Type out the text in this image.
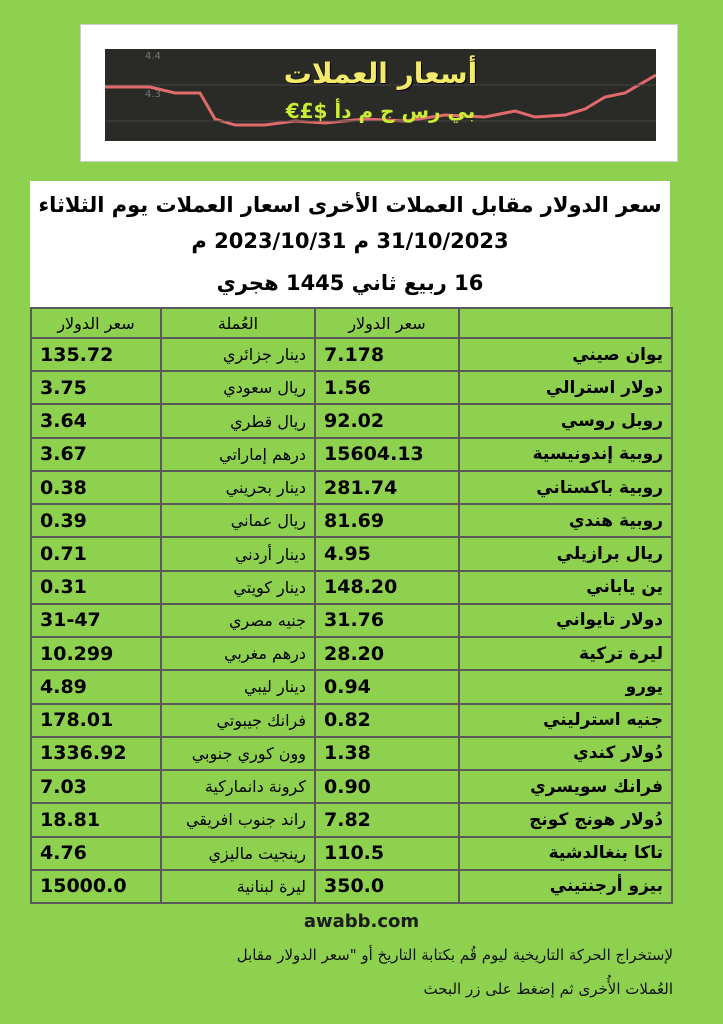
4.4
4.3
أسعار العملات
€£$ بي رس ج م دأ
سعر الدولار مقابل العملات الأخرى اسعار العملات يوم الثلاثاء
31/10/2023 م 2023/10/31 م
16 ربيع ثاني 1445 هجري
	سعر الدولار	العُملة	سعر الدولار
يوان صيني	7.178	دينار جزائري	135.72
دولار استرالي	1.56	ريال سعودي	3.75
روبل روسي	92.02	ريال قطري	3.64
روبية إندونيسية	15604.13	درهم إماراتي	3.67
روبية باكستاني	281.74	دينار بحريني	0.38
روبية هندي	81.69	ريال عماني	0.39
ريال برازيلي	4.95	دينار أردني	0.71
ين ياباني	148.20	دينار كويتي	0.31
دولار تايواني	31.76	جنيه مصري	31-47
ليرة تركية	28.20	درهم مغربي	10.299
يورو	0.94	دينار ليبي	4.89
جنيه استرليني	0.82	فرانك جيبوتي	178.01
دُولار كندي	1.38	وون كوري جنوبي	1336.92
فرانك سويسري	0.90	كرونة دانماركية	7.03
دُولار هونج كونج	7.82	راند جنوب افريقي	18.81
تاكا بنغالدشية	110.5	رينجيت ماليزي	4.76
بيزو أرجنتيني	350.0	ليرة لبنانية	15000.0
awabb.com
لإستخراج الحركة التاريخية ليوم قُم بكتابة التاريخ أو "سعر الدولار مقابل
العُملات الأُخرى ثم إضغط على زر البحث
